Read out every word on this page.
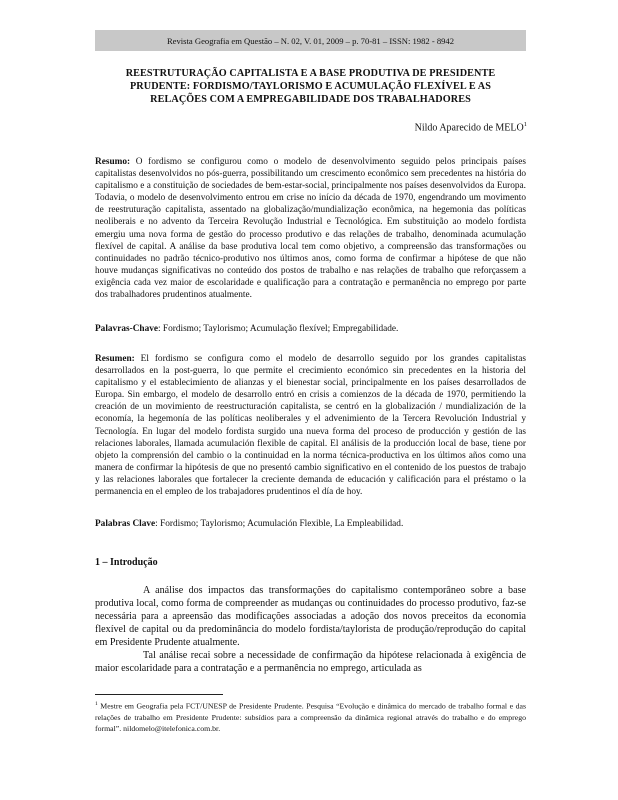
Revista Geografia em Questão – N. 02, V. 01, 2009 – p. 70-81 – ISSN: 1982 - 8942
REESTRUTURAÇÃO CAPITALISTA E A BASE PRODUTIVA DE PRESIDENTE
PRUDENTE: FORDISMO/TAYLORISMO E ACUMULAÇÃO FLEXÍVEL E AS
RELAÇÕES COM A EMPREGABILIDADE DOS TRABALHADORES
Nildo Aparecido de MELO$^1$

Resumo: O fordismo se configurou como o modelo de desenvolvimento seguido pelos principais países capitalistas desenvolvidos no pós-guerra, possibilitando um crescimento econômico sem precedentes na história do capitalismo e a constituição de sociedades de bem-estar-social, principalmente nos países desenvolvidos da Europa. Todavia, o modelo de desenvolvimento entrou em crise no início da década de 1970, engendrando um movimento de reestruturação capitalista, assentado na globalização/mundialização econômica, na hegemonia das políticas neoliberais e no advento da Terceira Revolução Industrial e Tecnológica. Em substituição ao modelo fordista emergiu uma nova forma de gestão do processo produtivo e das relações de trabalho, denominada acumulação flexível de capital. A análise da base produtiva local tem como objetivo, a compreensão das transformações ou continuidades no padrão técnico-produtivo nos últimos anos, como forma de confirmar a hipótese de que não houve mudanças significativas no conteúdo dos postos de trabalho e nas relações de trabalho que reforçassem a exigência cada vez maior de escolaridade e qualificação para a contratação e permanência no emprego por parte dos trabalhadores prudentinos atualmente.

Palavras-Chave: Fordismo; Taylorismo; Acumulação flexível; Empregabilidade.

Resumen: El fordismo se configura como el modelo de desarrollo seguido por los grandes capitalistas desarrollados en la post-guerra, lo que permite el crecimiento económico sin precedentes en la historia del capitalismo y el establecimiento de alianzas y el bienestar social, principalmente en los países desarrollados de Europa. Sin embargo, el modelo de desarrollo entró en crisis a comienzos de la década de 1970, permitiendo la creación de un movimiento de reestructuración capitalista, se centró en la globalización / mundialización de la economía, la hegemonía de las políticas neoliberales y el advenimiento de la Tercera Revolución Industrial y Tecnología. En lugar del modelo fordista surgido una nueva forma del proceso de producción y gestión de las relaciones laborales, llamada acumulación flexible de capital. El análisis de la producción local de base, tiene por objeto la comprensión del cambio o la continuidad en la norma técnica-productiva en los últimos años como una manera de confirmar la hipótesis de que no presentó cambio significativo en el contenido de los puestos de trabajo y las relaciones laborales que fortalecer la creciente demanda de educación y calificación para el préstamo o la permanencia en el empleo de los trabajadores prudentinos el día de hoy.

Palabras Clave: Fordismo; Taylorismo; Acumulación Flexible, La Empleabilidad.

1 – Introdução

A análise dos impactos das transformações do capitalismo contemporâneo sobre a base produtiva local, como forma de compreender as mudanças ou continuidades do processo produtivo, faz-se necessária para a apreensão das modificações associadas a adoção dos novos preceitos da economia flexível de capital ou da predominância do modelo fordista/taylorista de produção/reprodução do capital em Presidente Prudente atualmente.

Tal análise recai sobre a necessidade de confirmação da hipótese relacionada à exigência de maior escolaridade para a contratação e a permanência no emprego, articulada as

$^1$ Mestre em Geografia pela FCT/UNESP de Presidente Prudente. Pesquisa “Evolução e dinâmica do mercado de trabalho formal e das relações de trabalho em Presidente Prudente: subsídios para a compreensão da dinâmica regional através do trabalho e do emprego formal”. nildomelo@itelefonica.com.br.
